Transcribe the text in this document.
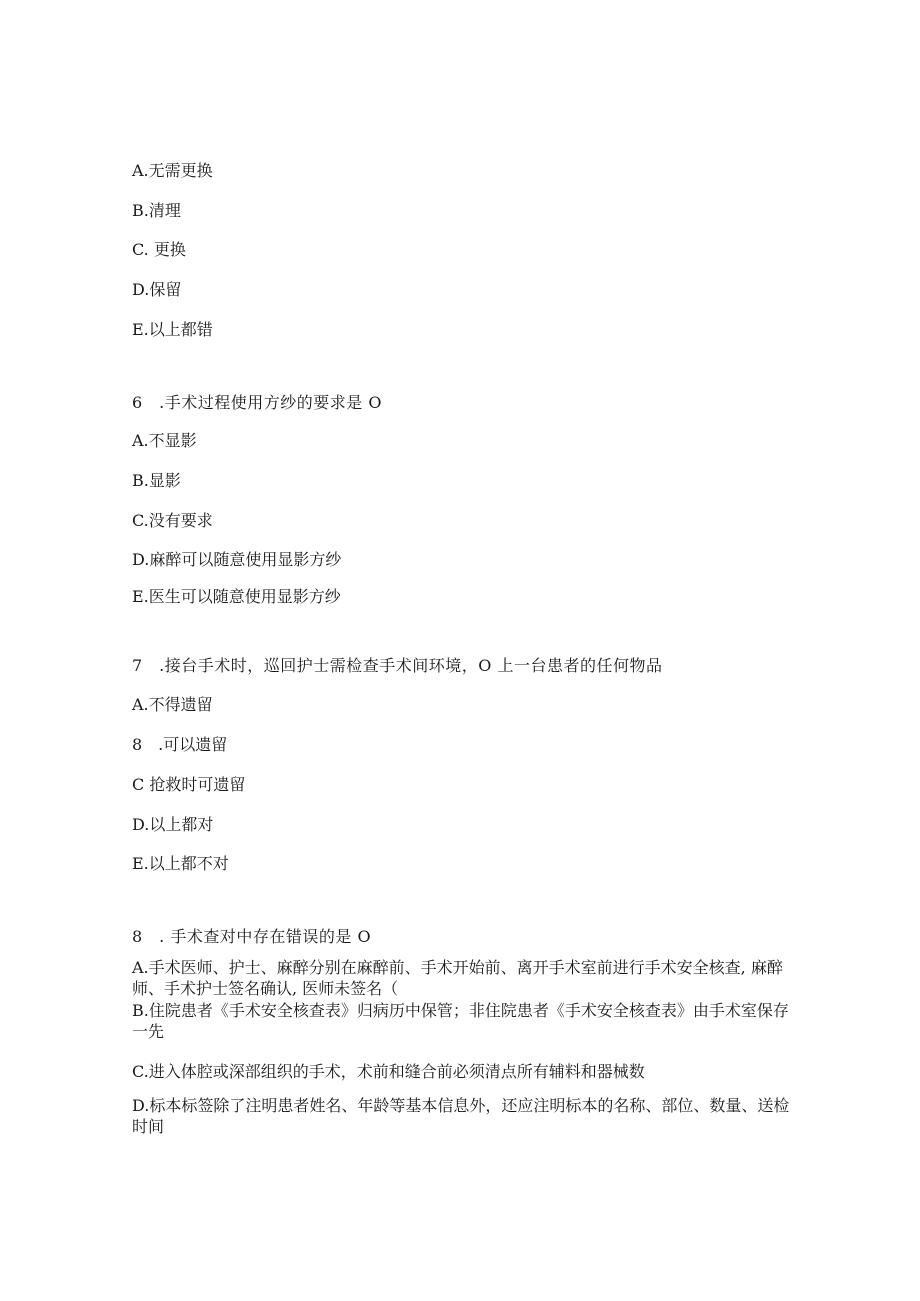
A.无需更换
B.清理
C. 更换
D.保留
E.以上都错
6　.手术过程使用方纱的要求是 O
A.不显影
B.显影
C.没有要求
D.麻醉可以随意使用显影方纱
E.医生可以随意使用显影方纱
7　.接台手术时，巡回护士需检查手术间环境，O 上一台患者的任何物品
A.不得遗留
8　.可以遗留
C 抢救时可遗留
D.以上都对
E.以上都不对
8　. 手术查对中存在错误的是 O
A.手术医师、护士、麻醉分别在麻醉前、手术开始前、离开手术室前进行手术安全核查, 麻醉师、手术护士签名确认, 医师未签名（
B.住院患者《手术安全核查表》归病历中保管；非住院患者《手术安全核查表》由手术室保存一先
C.进入体腔或深部组织的手术，术前和缝合前必须清点所有辅料和器械数
D.标本标签除了注明患者姓名、年龄等基本信息外，还应注明标本的名称、部位、数量、送检时间
